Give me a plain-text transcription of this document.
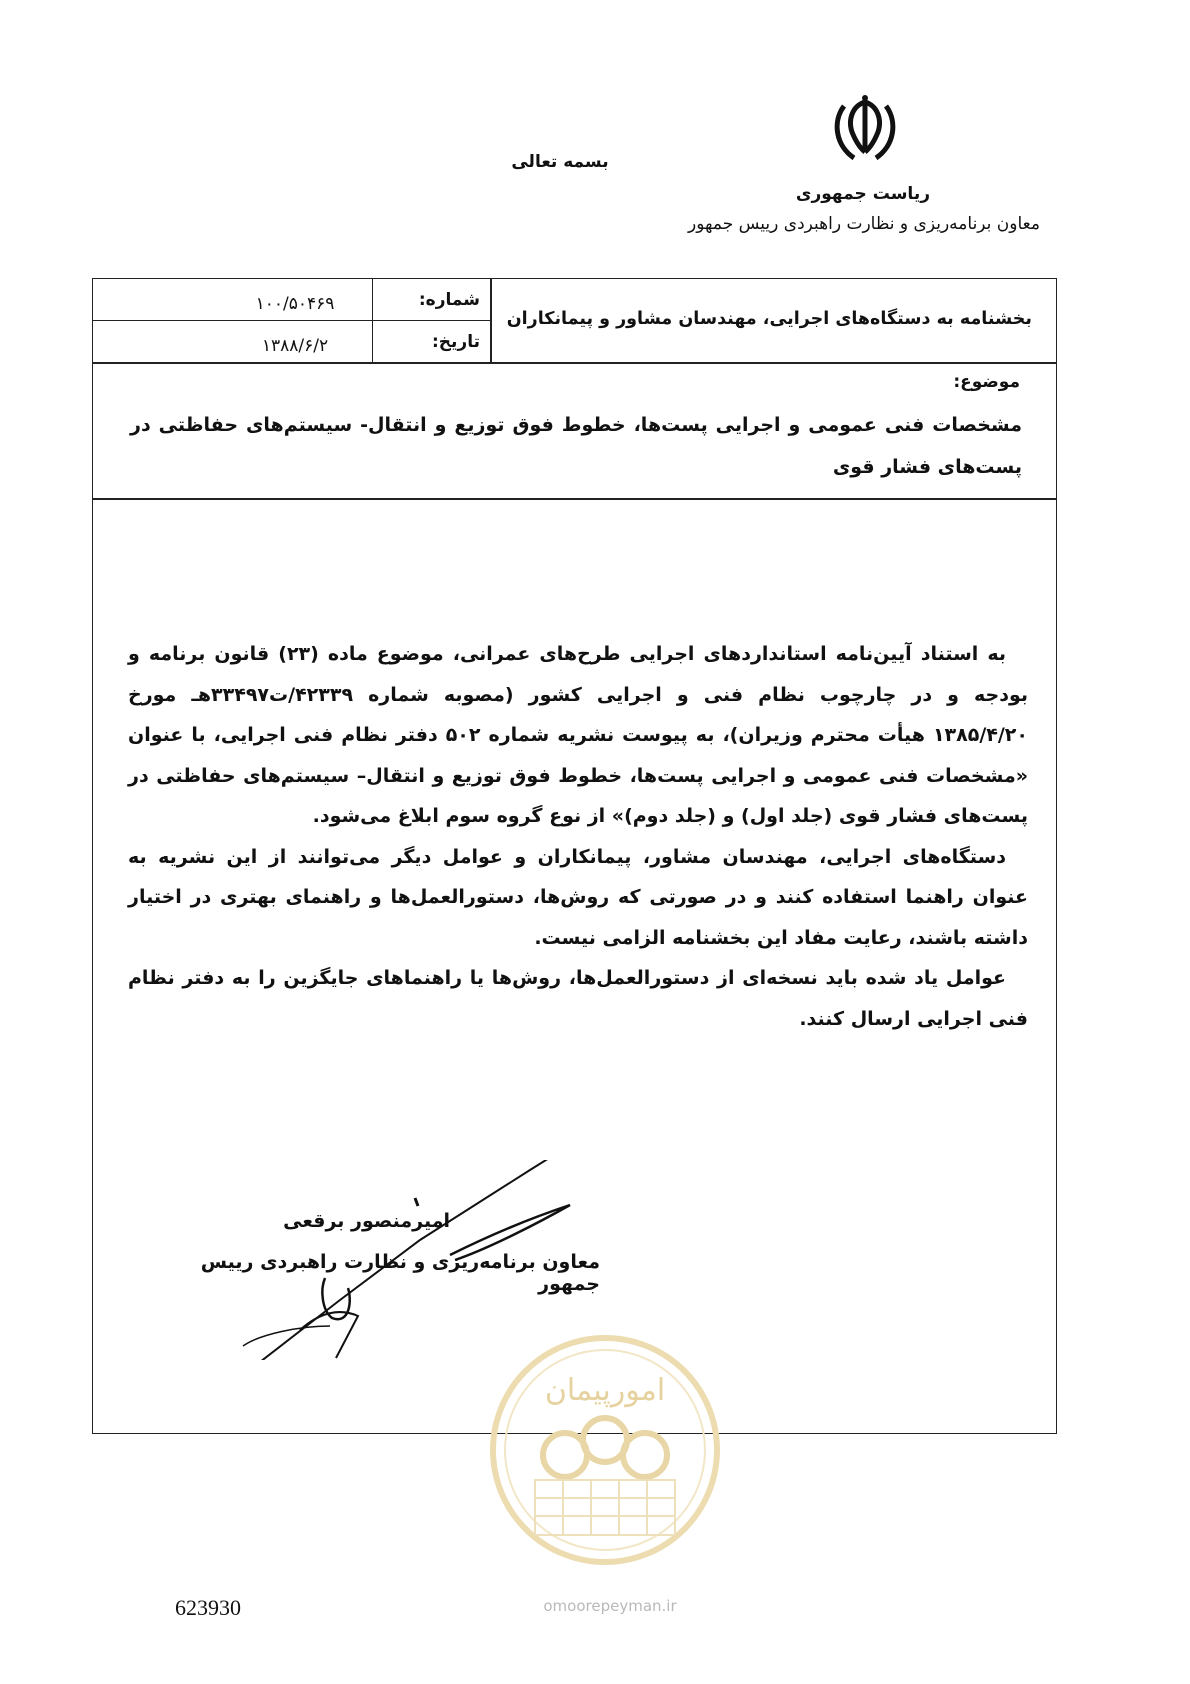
بسمه تعالی
ریاست جمهوری
معاون برنامه‌ریزی و نظارت راهبردی رییس جمهور
بخشنامه به دستگاه‌های اجرایی، مهندسان مشاور و پیمانکاران
شماره:
۱۰۰/۵۰۴۶۹
تاریخ:
۱۳۸۸/۶/۲
موضوع:
مشخصات فنی عمومی و اجرایی پست‌ها، خطوط فوق توزیع و انتقال- سیستم‌های حفاظتی در پست‌های فشار قوی

به استناد آیین‌نامه استانداردهای اجرایی طرح‌های عمرانی، موضوع ماده (۲۳) قانون برنامه و بودجه و در چارچوب نظام فنی و اجرایی کشور (مصوبه شماره ۴۲۳۳۹/ت۳۳۴۹۷هـ مورخ ۱۳۸۵/۴/۲۰ هیأت محترم وزیران)، به پیوست نشریه شماره ۵۰۲ دفتر نظام فنی اجرایی، با عنوان «مشخصات فنی عمومی و اجرایی پست‌ها، خطوط فوق توزیع و انتقال– سیستم‌های حفاظتی در پست‌های فشار قوی (جلد اول) و (جلد دوم)» از نوع گروه سوم ابلاغ می‌شود.

دستگاه‌های اجرایی، مهندسان مشاور، پیمانکاران و عوامل دیگر می‌توانند از این نشریه به عنوان راهنما استفاده کنند و در صورتی که روش‌ها، دستورالعمل‌ها و راهنمای بهتری در اختیار داشته باشند، رعایت مفاد این بخشنامه الزامی نیست.

عوامل یاد شده باید نسخه‌ای از دستورالعمل‌ها، روش‌ها یا راهنماهای جایگزین را به دفتر نظام فنی اجرایی ارسال کنند.

امیرمنصور برقعی
معاون برنامه‌ریزی و نظارت راهبردی رییس جمهور
امورپیمان
omoorepeyman.ir
623930
